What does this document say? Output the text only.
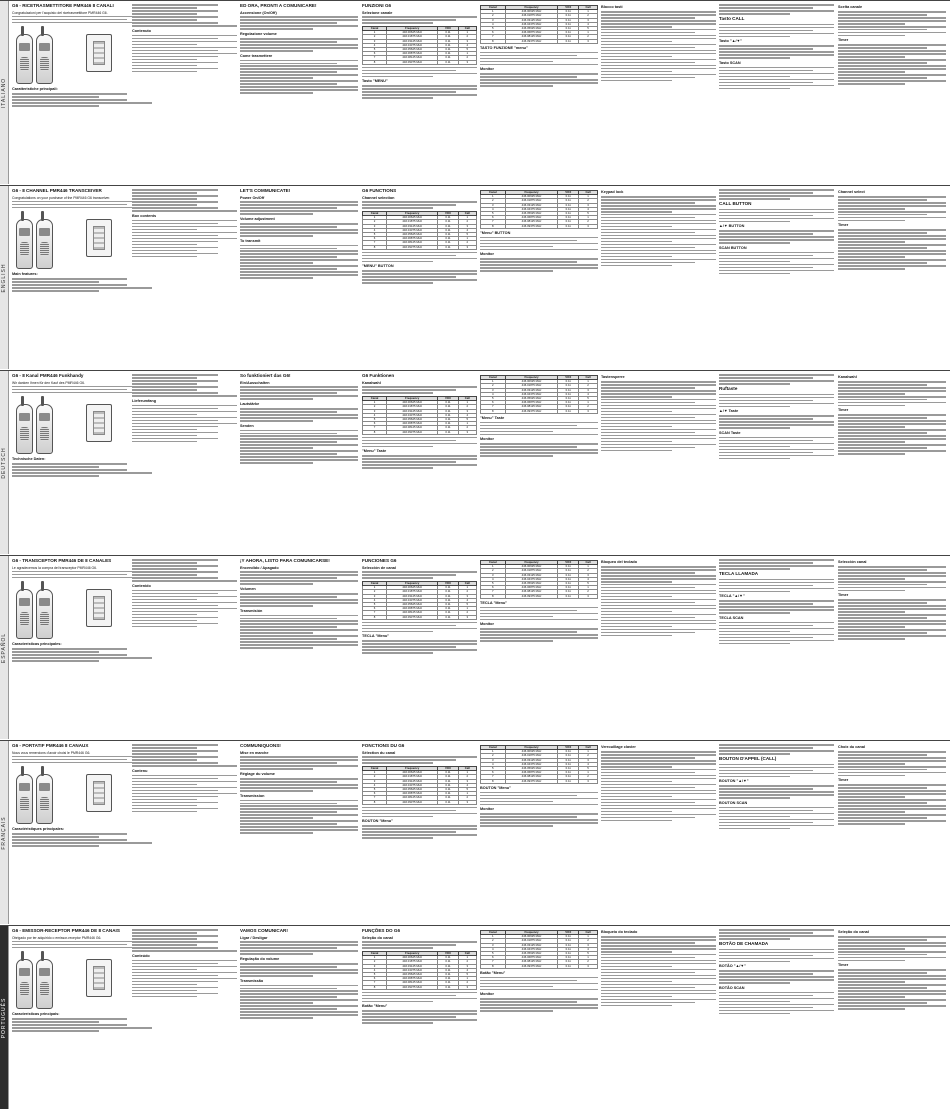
ITALIANO
G6 - RICETRASMETTITORE PMR446 8 CANALI
Congratulazioni per l'acquisto del ricetrasmettitore PMR446 G6.
Caratteristiche principali:
Contenuto
ED ORA, PRONTI A COMUNICARE!
Accensione (On/Off)
Regolazione volume
Come trasmettere
FUNZIONI G6
Selezione canale
Canal	Frequency	VOX	Call
1	446.00625 MHz	0.11	1
2	446.01875 MHz	0.11	2
3	446.03125 MHz	0.11	3
4	446.04375 MHz	0.11	4
5	446.05625 MHz	0.11	5
6	446.06875 MHz	0.11	1
7	446.08125 MHz	0.11	2
8	446.09375 MHz	0.11	3
Tasto "MENU"
Canal	Frequency	VOX	Call
1	446.00625 MHz	0.11	1
2	446.01875 MHz	0.11	2
3	446.03125 MHz	0.11	3
4	446.04375 MHz	0.11	4
5	446.05625 MHz	0.11	5
6	446.06875 MHz	0.11	1
7	446.08125 MHz	0.11	2
8	446.09375 MHz	0.11	3
TASTO FUNZIONE "menu"
Monitor
Blocco tasti
Tasto CALL
Tasto "▲/▼"
Tasto SCAN
Scelta canale
Timer
ENGLISH
G6 - 8 CHANNEL PMR446 TRANSCEIVER
Congratulations on your purchase of the PMR446 G6 transceiver.
Main features:
Box contents
LET'S COMMUNICATE!
Power On/Off
Volume adjustment
To transmit
G6 FUNCTIONS
Channel selection
Canal	Frequency	VOX	Call
1	446.00625 MHz	0.11	1
2	446.01875 MHz	0.11	2
3	446.03125 MHz	0.11	3
4	446.04375 MHz	0.11	4
5	446.05625 MHz	0.11	5
6	446.06875 MHz	0.11	1
7	446.08125 MHz	0.11	2
8	446.09375 MHz	0.11	3
"MENU" BUTTON
Canal	Frequency	VOX	Call
1	446.00625 MHz	0.11	1
2	446.01875 MHz	0.11	2
3	446.03125 MHz	0.11	3
4	446.04375 MHz	0.11	4
5	446.05625 MHz	0.11	5
6	446.06875 MHz	0.11	1
7	446.08125 MHz	0.11	2
8	446.09375 MHz	0.11	3
"Menu" BUTTON
Monitor
Keypad lock
CALL BUTTON
▲/▼ BUTTON
SCAN BUTTON
Channel select
Timer
DEUTSCH
G6 - 8 Kanal PMR446 Funkhandy
Wir danken Ihnen für den Kauf des PMR446 G6.
Technische Daten:
Lieferumfang
So funktioniert das G6!
Ein/Ausschalten
Lautstärke
Senden
G6 Funktionen
Kanalwahl
Canal	Frequency	VOX	Call
1	446.00625 MHz	0.11	1
2	446.01875 MHz	0.11	2
3	446.03125 MHz	0.11	3
4	446.04375 MHz	0.11	4
5	446.05625 MHz	0.11	5
6	446.06875 MHz	0.11	1
7	446.08125 MHz	0.11	2
8	446.09375 MHz	0.11	3
"Menu" Taste
Canal	Frequency	VOX	Call
1	446.00625 MHz	0.11	1
2	446.01875 MHz	0.11	2
3	446.03125 MHz	0.11	3
4	446.04375 MHz	0.11	4
5	446.05625 MHz	0.11	5
6	446.06875 MHz	0.11	1
7	446.08125 MHz	0.11	2
8	446.09375 MHz	0.11	3
"Menu" Taste
Monitor
Tastensperre
Ruftaste
▲/▼ Taste
SCAN Taste
Kanalwahl
Timer
ESPAÑOL
G6 - TRANSCEPTOR PMR446 DE 8 CANALES
Le agradecemos la compra del transceptor PMR446 G6.
Características principales:
Contenido
¡Y AHORA, LISTO PARA COMUNICARSE!
Encendido / Apagado
Volumen
Transmisión
FUNCIONES G6
Selección de canal
Canal	Frequency	VOX	Call
1	446.00625 MHz	0.11	1
2	446.01875 MHz	0.11	2
3	446.03125 MHz	0.11	3
4	446.04375 MHz	0.11	4
5	446.05625 MHz	0.11	5
6	446.06875 MHz	0.11	1
7	446.08125 MHz	0.11	2
8	446.09375 MHz	0.11	3
TECLA "Menu"
Canal	Frequency	VOX	Call
1	446.00625 MHz	0.11	1
2	446.01875 MHz	0.11	2
3	446.03125 MHz	0.11	3
4	446.04375 MHz	0.11	4
5	446.05625 MHz	0.11	5
6	446.06875 MHz	0.11	1
7	446.08125 MHz	0.11	2
8	446.09375 MHz	0.11	3
TECLA "Menu"
Monitor
Bloqueo del teclado
TECLA LLAMADA
TECLA "▲/▼"
TECLA SCAN
Selección canal
Timer
FRANÇAIS
G6 - PORTATIF PMR446 8 CANAUX
Nous vous remercions d'avoir choisi le PMR446 G6.
Caractéristiques principales:
Contenu
COMMUNIQUONS!
Mise en marche
Réglage du volume
Transmission
FONCTIONS DU G6
Sélection du canal
Canal	Frequency	VOX	Call
1	446.00625 MHz	0.11	1
2	446.01875 MHz	0.11	2
3	446.03125 MHz	0.11	3
4	446.04375 MHz	0.11	4
5	446.05625 MHz	0.11	5
6	446.06875 MHz	0.11	1
7	446.08125 MHz	0.11	2
8	446.09375 MHz	0.11	3
BOUTON "Menu"
Canal	Frequency	VOX	Call
1	446.00625 MHz	0.11	1
2	446.01875 MHz	0.11	2
3	446.03125 MHz	0.11	3
4	446.04375 MHz	0.11	4
5	446.05625 MHz	0.11	5
6	446.06875 MHz	0.11	1
7	446.08125 MHz	0.11	2
8	446.09375 MHz	0.11	3
BOUTON "Menu"
Monitor
Verrouillage clavier
BOUTON D'APPEL (CALL)
BOUTON "▲/▼"
BOUTON SCAN
Choix du canal
Timer
PORTUGUÊS
G6 - EMISSOR-RECEPTOR PMR446 DE 8 CANAIS
Obrigado por ter adquirido o emissor-receptor PMR446 G6.
Características principais:
Conteúdo
VAMOS COMUNICAR!
Ligar / Desligar
Regulação do volume
Transmissão
FUNÇÕES DO G6
Seleção do canal
Canal	Frequency	VOX	Call
1	446.00625 MHz	0.11	1
2	446.01875 MHz	0.11	2
3	446.03125 MHz	0.11	3
4	446.04375 MHz	0.11	4
5	446.05625 MHz	0.11	5
6	446.06875 MHz	0.11	1
7	446.08125 MHz	0.11	2
8	446.09375 MHz	0.11	3
Botão "Menu"
Canal	Frequency	VOX	Call
1	446.00625 MHz	0.11	1
2	446.01875 MHz	0.11	2
3	446.03125 MHz	0.11	3
4	446.04375 MHz	0.11	4
5	446.05625 MHz	0.11	5
6	446.06875 MHz	0.11	1
7	446.08125 MHz	0.11	2
8	446.09375 MHz	0.11	3
Botão "Menu"
Monitor
Bloqueio do teclado
BOTÃO DE CHAMADA
BOTÃO "▲/▼"
BOTÃO SCAN
Seleção do canal
Timer
